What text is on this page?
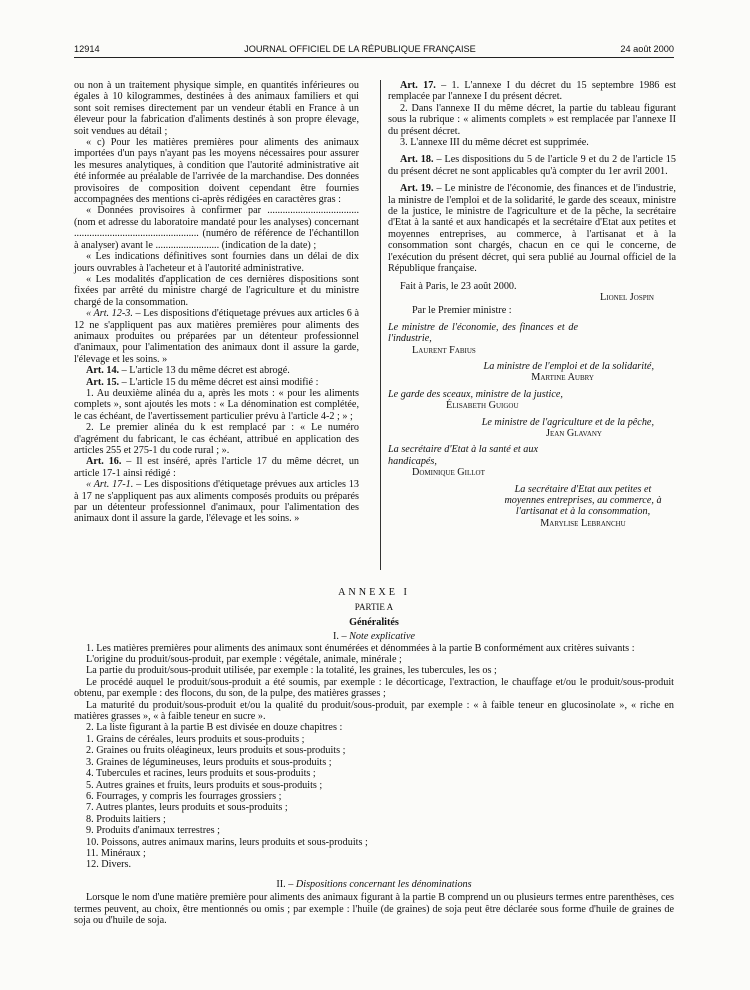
12914	JOURNAL OFFICIEL DE LA RÉPUBLIQUE FRANÇAISE	24 août 2000

ou non à un traitement physique simple, en quantités inférieures ou égales à 10 kilogrammes, destinées à des animaux familiers et qui sont soit remises directement par un vendeur établi en France à un éleveur pour la fabrication d'aliments destinés à son propre élevage, soit vendues au détail ;

« c) Pour les matières premières pour aliments des animaux importées d'un pays n'ayant pas les moyens nécessaires pour assurer les mesures analytiques, à condition que l'autorité administrative ait été informée au préalable de l'arrivée de la marchandise. Des données provisoires de composition doivent cependant être fournies accompagnées des mentions ci-après rédigées en caractères gras :

« Données provisoires à confirmer par .................................... (nom et adresse du laboratoire mandaté pour les analyses) concernant ................................................. (numéro de référence de l'échantillon à analyser) avant le ......................... (indication de la date) ;

« Les indications définitives sont fournies dans un délai de dix jours ouvrables à l'acheteur et à l'autorité administrative.

« Les modalités d'application de ces dernières dispositions sont fixées par arrêté du ministre chargé de l'agriculture et du ministre chargé de la consommation.

« Art. 12-3. – Les dispositions d'étiquetage prévues aux articles 6 à 12 ne s'appliquent pas aux matières premières pour aliments des animaux produites ou préparées par un détenteur professionnel d'animaux, pour l'alimentation des animaux dont il assure la garde, l'élevage et les soins. »

Art. 14. – L'article 13 du même décret est abrogé.

Art. 15. – L'article 15 du même décret est ainsi modifié :

1. Au deuxième alinéa du a, après les mots : « pour les aliments complets », sont ajoutés les mots : « La dénomination est complétée, le cas échéant, de l'avertissement particulier prévu à l'article 4-2 ; » ;

2. Le premier alinéa du k est remplacé par : « Le numéro d'agrément du fabricant, le cas échéant, attribué en application des articles 255 et 275-1 du code rural ; ».

Art. 16. – Il est inséré, après l'article 17 du même décret, un article 17-1 ainsi rédigé :

« Art. 17-1. – Les dispositions d'étiquetage prévues aux articles 13 à 17 ne s'appliquent pas aux aliments composés produits ou préparés par un détenteur professionnel d'animaux, pour l'alimentation des animaux dont il assure la garde, l'élevage et les soins. »

Art. 17. – 1. L'annexe I du décret du 15 septembre 1986 est remplacée par l'annexe I du présent décret.

2. Dans l'annexe II du même décret, la partie du tableau figurant sous la rubrique : « aliments complets » est remplacée par l'annexe II du présent décret.

3. L'annexe III du même décret est supprimée.

Art. 18. – Les dispositions du 5 de l'article 9 et du 2 de l'article 15 du présent décret ne sont applicables qu'à compter du 1er avril 2001.

Art. 19. – Le ministre de l'économie, des finances et de l'industrie, la ministre de l'emploi et de la solidarité, le garde des sceaux, ministre de la justice, le ministre de l'agriculture et de la pêche, la secrétaire d'Etat à la santé et aux handicapés et la secrétaire d'Etat aux petites et moyennes entreprises, au commerce, à l'artisanat et à la consommation sont chargés, chacun en ce qui le concerne, de l'exécution du présent décret, qui sera publié au Journal officiel de la République française.

Fait à Paris, le 23 août 2000.

Lionel Jospin

Par le Premier ministre :

Le ministre de l'économie, des finances et de l'industrie,

Laurent Fabius

La ministre de l'emploi et de la solidarité,

Martine Aubry

Le garde des sceaux, ministre de la justice,

Élisabeth Guigou

Le ministre de l'agriculture et de la pêche,

Jean Glavany

La secrétaire d'Etat à la santé et aux handicapés,

Dominique Gillot

La secrétaire d'Etat aux petites et moyennes entreprises, au commerce, à l'artisanat et à la consommation,

Marylise Lebranchu

ANNEXE I

PARTIE A

Généralités

I. – Note explicative

1. Les matières premières pour aliments des animaux sont énumérées et dénommées à la partie B conformément aux critères suivants :

L'origine du produit/sous-produit, par exemple : végétale, animale, minérale ;

La partie du produit/sous-produit utilisée, par exemple : la totalité, les graines, les tubercules, les os ;

Le procédé auquel le produit/sous-produit a été soumis, par exemple : le décorticage, l'extraction, le chauffage et/ou le produit/sous-produit obtenu, par exemple : des flocons, du son, de la pulpe, des matières grasses ;

La maturité du produit/sous-produit et/ou la qualité du produit/sous-produit, par exemple : « à faible teneur en glucosinolate », « riche en matières grasses », « à faible teneur en sucre ».

2. La liste figurant à la partie B est divisée en douze chapitres :

1. Grains de céréales, leurs produits et sous-produits ;
2. Graines ou fruits oléagineux, leurs produits et sous-produits ;
3. Graines de légumineuses, leurs produits et sous-produits ;
4. Tubercules et racines, leurs produits et sous-produits ;
5. Autres graines et fruits, leurs produits et sous-produits ;
6. Fourrages, y compris les fourrages grossiers ;
7. Autres plantes, leurs produits et sous-produits ;
8. Produits laitiers ;
9. Produits d'animaux terrestres ;
10. Poissons, autres animaux marins, leurs produits et sous-produits ;
11. Minéraux ;
12. Divers.

II. – Dispositions concernant les dénominations

Lorsque le nom d'une matière première pour aliments des animaux figurant à la partie B comprend un ou plusieurs termes entre parenthèses, ces termes peuvent, au choix, être mentionnés ou omis ; par exemple : l'huile (de graines) de soja peut être déclarée sous forme d'huile de graines de soja ou d'huile de soja.
